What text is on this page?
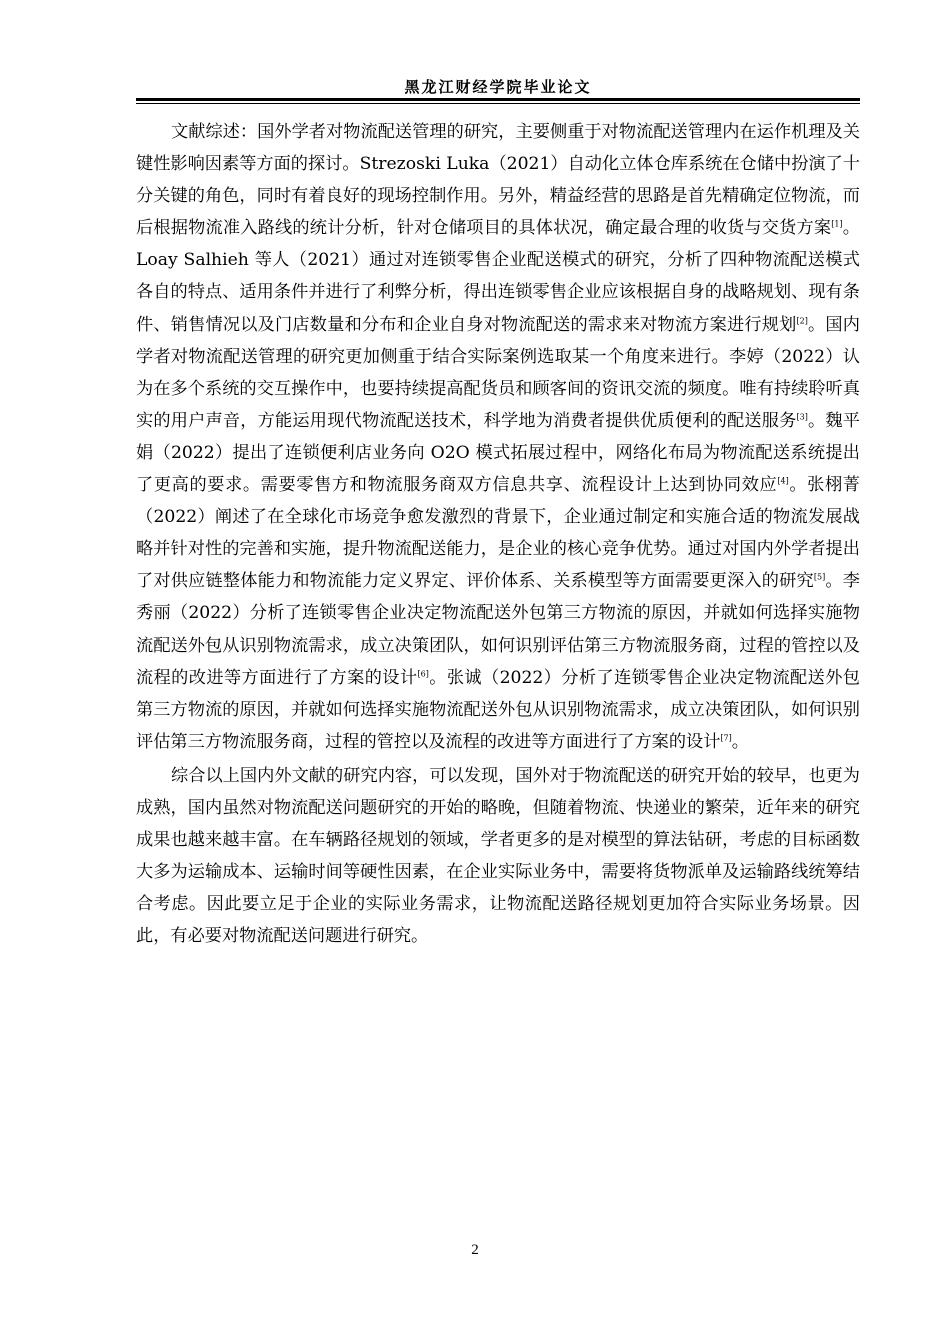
黑龙江财经学院毕业论文

文献综述：国外学者对物流配送管理的研究，主要侧重于对物流配送管理内在运作机理及关键性影响因素等方面的探讨。Strezoski Luka（2021）自动化立体仓库系统在仓储中扮演了十分关键的角色，同时有着良好的现场控制作用。另外，精益经营的思路是首先精确定位物流，而后根据物流准入路线的统计分析，针对仓储项目的具体状况，确定最合理的收货与交货方案[1]。Loay Salhieh 等人（2021）通过对连锁零售企业配送模式的研究，分析了四种物流配送模式各自的特点、适用条件并进行了利弊分析，得出连锁零售企业应该根据自身的战略规划、现有条件、销售情况以及门店数量和分布和企业自身对物流配送的需求来对物流方案进行规划[2]。国内学者对物流配送管理的研究更加侧重于结合实际案例选取某一个角度来进行。李婷（2022）认为在多个系统的交互操作中，也要持续提高配货员和顾客间的资讯交流的频度。唯有持续聆听真实的用户声音，方能运用现代物流配送技术，科学地为消费者提供优质便利的配送服务[3]。魏平娟（2022）提出了连锁便利店业务向 O2O 模式拓展过程中，网络化布局为物流配送系统提出了更高的要求。需要零售方和物流服务商双方信息共享、流程设计上达到协同效应[4]。张栩菁（2022）阐述了在全球化市场竞争愈发激烈的背景下，企业通过制定和实施合适的物流发展战略并针对性的完善和实施，提升物流配送能力，是企业的核心竞争优势。通过对国内外学者提出了对供应链整体能力和物流能力定义界定、评价体系、关系模型等方面需要更深入的研究[5]。李秀丽（2022）分析了连锁零售企业决定物流配送外包第三方物流的原因，并就如何选择实施物流配送外包从识别物流需求，成立决策团队，如何识别评估第三方物流服务商，过程的管控以及流程的改进等方面进行了方案的设计[6]。张诚（2022）分析了连锁零售企业决定物流配送外包第三方物流的原因，并就如何选择实施物流配送外包从识别物流需求，成立决策团队，如何识别评估第三方物流服务商，过程的管控以及流程的改进等方面进行了方案的设计[7]。

综合以上国内外文献的研究内容，可以发现，国外对于物流配送的研究开始的较早，也更为成熟，国内虽然对物流配送问题研究的开始的略晚，但随着物流、快递业的繁荣，近年来的研究成果也越来越丰富。在车辆路径规划的领域，学者更多的是对模型的算法钻研，考虑的目标函数大多为运输成本、运输时间等硬性因素，在企业实际业务中，需要将货物派单及运输路线统筹结合考虑。因此要立足于企业的实际业务需求，让物流配送路径规划更加符合实际业务场景。因此，有必要对物流配送问题进行研究。

2
